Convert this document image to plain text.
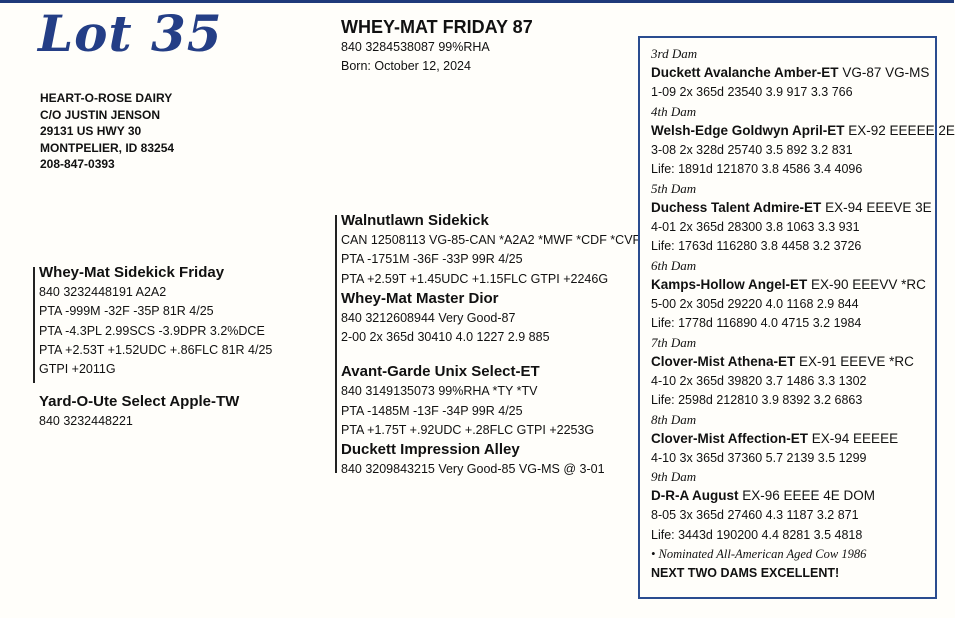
Lot 35
HEART-O-ROSE DAIRY
C/O JUSTIN JENSON
29131 US HWY 30
MONTPELIER, ID 83254
208-847-0393
WHEY-MAT FRIDAY 87
840 3284538087 99%RHA
Born: October 12, 2024
Whey-Mat Sidekick Friday
840 3232448191 A2A2
PTA -999M -32F -35P 81R 4/25
PTA -4.3PL 2.99SCS -3.9DPR 3.2%DCE
PTA +2.53T +1.52UDC +.86FLC 81R 4/25
GTPI +2011G
Yard-O-Ute Select Apple-TW
840 3232448221
Walnutlawn Sidekick
CAN 12508113 VG-85-CAN *A2A2 *MWF *CDF *CVF
PTA -1751M -36F -33P 99R 4/25
PTA +2.59T +1.45UDC +1.15FLC GTPI +2246G
Whey-Mat Master Dior
840 3212608944 Very Good-87
2-00 2x 365d 30410 4.0 1227 2.9 885
Avant-Garde Unix Select-ET
840 3149135073 99%RHA *TY *TV
PTA -1485M -13F -34P 99R 4/25
PTA +1.75T +.92UDC +.28FLC GTPI +2253G
Duckett Impression Alley
840 3209843215 Very Good-85 VG-MS @ 3-01
3rd Dam
Duckett Avalanche Amber-ET VG-87 VG-MS
1-09 2x 365d 23540 3.9 917 3.3 766
4th Dam
Welsh-Edge Goldwyn April-ET EX-92 EEEEE 2E
3-08 2x 328d 25740 3.5 892 3.2 831
Life: 1891d 121870 3.8 4586 3.4 4096
5th Dam
Duchess Talent Admire-ET EX-94 EEEVE 3E
4-01 2x 365d 28300 3.8 1063 3.3 931
Life: 1763d 116280 3.8 4458 3.2 3726
6th Dam
Kamps-Hollow Angel-ET EX-90 EEEVV *RC
5-00 2x 305d 29220 4.0 1168 2.9 844
Life: 1778d 116890 4.0 4715 3.2 1984
7th Dam
Clover-Mist Athena-ET EX-91 EEEVE *RC
4-10 2x 365d 39820 3.7 1486 3.3 1302
Life: 2598d 212810 3.9 8392 3.2 6863
8th Dam
Clover-Mist Affection-ET EX-94 EEEEE
4-10 3x 365d 37360 5.7 2139 3.5 1299
9th Dam
D-R-A August EX-96 EEEE 4E DOM
8-05 3x 365d 27460 4.3 1187 3.2 871
Life: 3443d 190200 4.4 8281 3.5 4818
• Nominated All-American Aged Cow 1986
NEXT TWO DAMS EXCELLENT!
